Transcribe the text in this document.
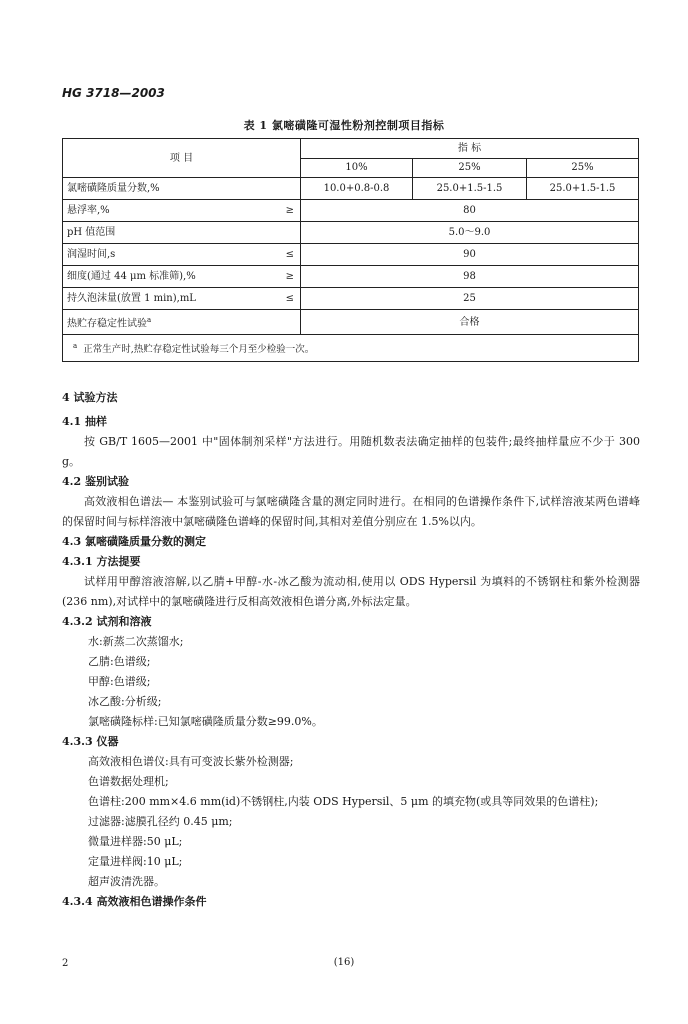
HG 3718—2003
表 1 氯嘧磺隆可湿性粉剂控制项目指标
项 目	指 标		
	10%	25%	25%
氯嘧磺隆质量分数,%	10.0+0.8-0.8	25.0+1.5-1.5	25.0+1.5-1.5
悬浮率,% ≥	80		
pH 值范围	5.0～9.0		
润湿时间,s ≤	90		
细度(通过 44 μm 标准筛),% ≥	98		
持久泡沫量(放置 1 min),mL ≤	25		
热贮存稳定性试验$^a$	合格		
$^a$ 正常生产时,热贮存稳定性试验每三个月至少检验一次。			
4 试验方法
4.1 抽样
按 GB/T 1605—2001 中"固体制剂采样"方法进行。用随机数表法确定抽样的包装件;最终抽样量应不少于 300 g。
4.2 鉴别试验
高效液相色谱法— 本鉴别试验可与氯嘧磺隆含量的测定同时进行。在相同的色谱操作条件下,试样溶液某两色谱峰的保留时间与标样溶液中氯嘧磺隆色谱峰的保留时间,其相对差值分别应在 1.5%以内。
4.3 氯嘧磺隆质量分数的测定
4.3.1 方法提要
试样用甲醇溶液溶解,以乙腈+甲醇-水-冰乙酸为流动相,使用以 ODS Hypersil 为填料的不锈钢柱和紫外检测器(236 nm),对试样中的氯嘧磺隆进行反相高效液相色谱分离,外标法定量。
4.3.2 试剂和溶液
水:新蒸二次蒸馏水;
乙腈:色谱级;
甲醇:色谱级;
冰乙酸:分析级;
氯嘧磺隆标样:已知氯嘧磺隆质量分数≥99.0%。
4.3.3 仪器
高效液相色谱仪:具有可变波长紫外检测器;
色谱数据处理机;
色谱柱:200 mm×4.6 mm(id)不锈钢柱,内装 ODS Hypersil、5 μm 的填充物(或具等同效果的色谱柱);
过滤器:滤膜孔径约 0.45 μm;
微量进样器:50 μL;
定量进样阀:10 μL;
超声波清洗器。
4.3.4 高效液相色谱操作条件
2	(16)
